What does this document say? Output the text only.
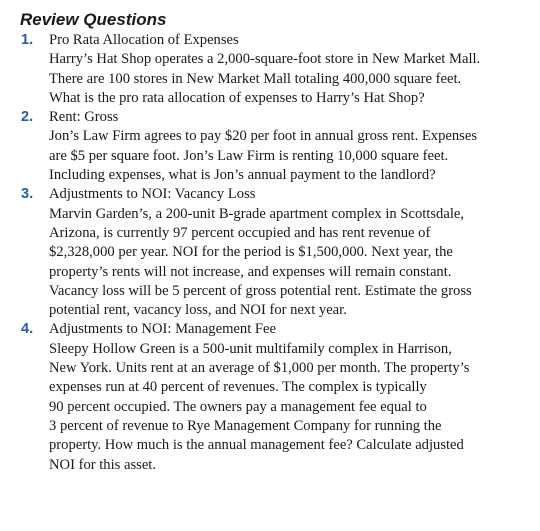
Review Questions
1.	Pro Rata Allocation of Expenses
Harry’s Hat Shop operates a 2,000-square-foot store in New Market Mall.
There are 100 stores in New Market Mall totaling 400,000 square feet.
What is the pro rata allocation of expenses to Harry’s Hat Shop?
2.	Rent: Gross
Jon’s Law Firm agrees to pay $20 per foot in annual gross rent. Expenses
are $5 per square foot. Jon’s Law Firm is renting 10,000 square feet.
Including expenses, what is Jon’s annual payment to the landlord?
3.	Adjustments to NOI: Vacancy Loss
Marvin Garden’s, a 200-unit B-grade apartment complex in Scottsdale,
Arizona, is currently 97 percent occupied and has rent revenue of
$2,328,000 per year. NOI for the period is $1,500,000. Next year, the
property’s rents will not increase, and expenses will remain constant.
Vacancy loss will be 5 percent of gross potential rent. Estimate the gross
potential rent, vacancy loss, and NOI for next year.
4.	Adjustments to NOI: Management Fee
Sleepy Hollow Green is a 500-unit multifamily complex in Harrison,
New York. Units rent at an average of $1,000 per month. The property’s
expenses run at 40 percent of revenues. The complex is typically
90 percent occupied. The owners pay a management fee equal to
3 percent of revenue to Rye Management Company for running the
property. How much is the annual management fee? Calculate adjusted
NOI for this asset.
